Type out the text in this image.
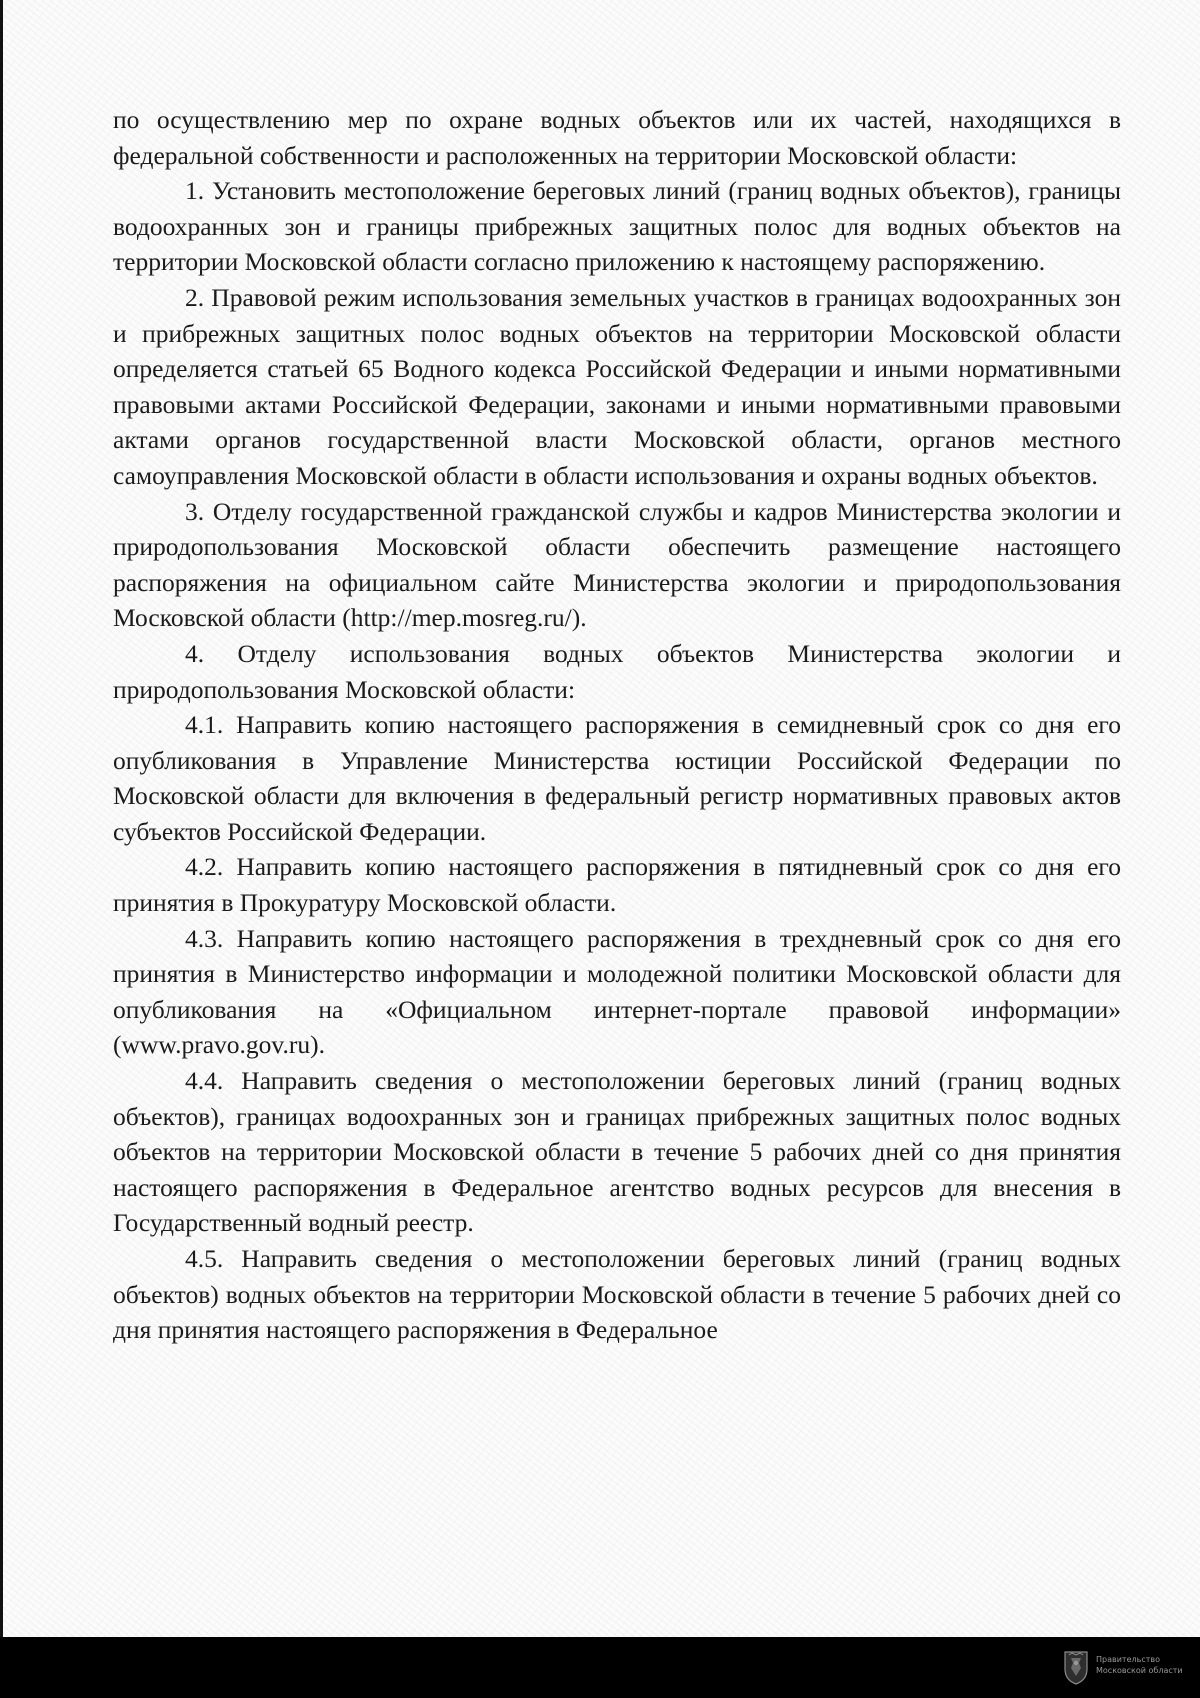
по осуществлению мер по охране водных объектов или их частей, находящихся в федеральной собственности и расположенных на территории Московской области:

1. Установить местоположение береговых линий (границ водных объектов), границы водоохранных зон и границы прибрежных защитных полос для водных объектов на территории Московской области согласно приложению к настоящему распоряжению.

2. Правовой режим использования земельных участков в границах водоохранных зон и прибрежных защитных полос водных объектов на территории Московской области определяется статьей 65 Водного кодекса Российской Федерации и иными нормативными правовыми актами Российской Федерации, законами и иными нормативными правовыми актами органов государственной власти Московской области, органов местного самоуправления Московской области в области использования и охраны водных объектов.

3. Отделу государственной гражданской службы и кадров Министерства экологии и природопользования Московской области обеспечить размещение настоящего распоряжения на официальном сайте Министерства экологии и природопользования Московской области (http://mep.mosreg.ru/).

4. Отделу использования водных объектов Министерства экологии и природопользования Московской области:

4.1. Направить копию настоящего распоряжения в семидневный срок со дня его опубликования в Управление Министерства юстиции Российской Федерации по Московской области для включения в федеральный регистр нормативных правовых актов субъектов Российской Федерации.

4.2. Направить копию настоящего распоряжения в пятидневный срок со дня его принятия в Прокуратуру Московской области.

4.3. Направить копию настоящего распоряжения в трехдневный срок со дня его принятия в Министерство информации и молодежной политики Московской области для опубликования на «Официальном интернет-портале правовой информации» (www.pravo.gov.ru).

4.4. Направить сведения о местоположении береговых линий (границ водных объектов), границах водоохранных зон и границах прибрежных защитных полос водных объектов на территории Московской области в течение 5 рабочих дней со дня принятия настоящего распоряжения в Федеральное агентство водных ресурсов для внесения в Государственный водный реестр.

4.5. Направить сведения о местоположении береговых линий (границ водных объектов) водных объектов на территории Московской области в течение 5 рабочих дней со дня принятия настоящего распоряжения в Федеральное

Правительство
Московской области
